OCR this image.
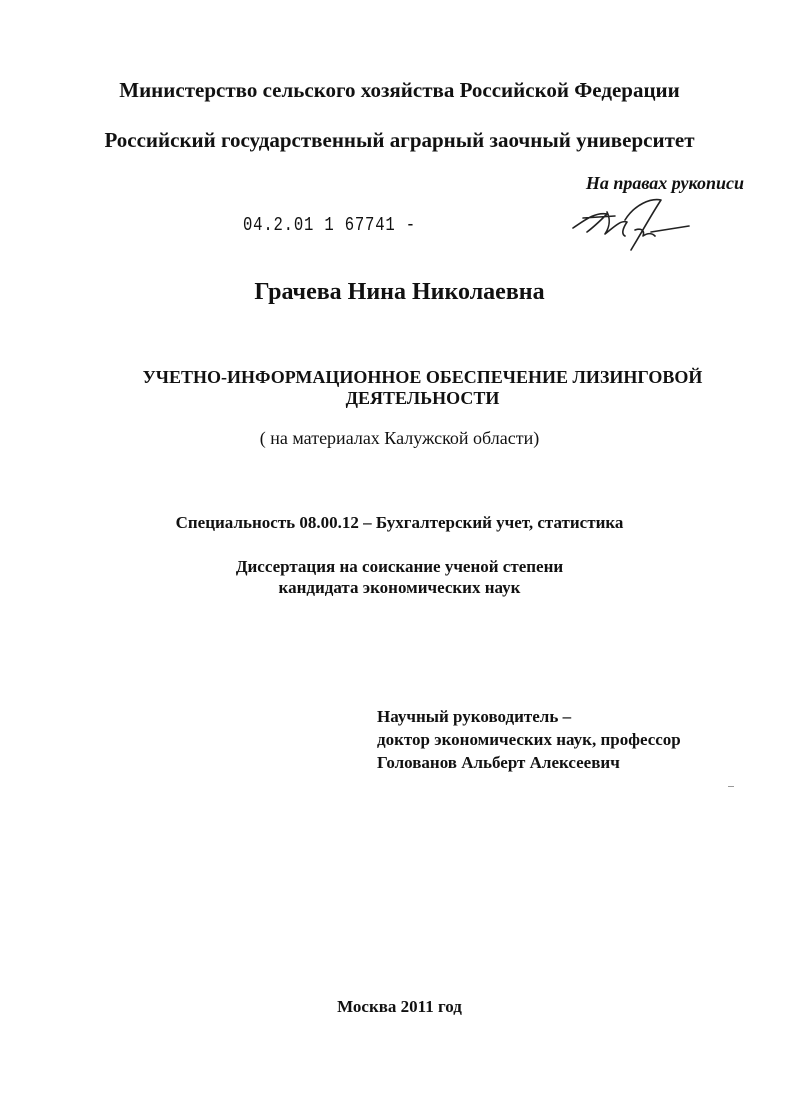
Министерство сельского хозяйства Российской Федерации

Российский государственный аграрный заочный университет

На правах рукописи

04.2.01 1 67741 -

Грачева Нина Николаевна

УЧЕТНО-ИНФОРМАЦИОННОЕ ОБЕСПЕЧЕНИЕ ЛИЗИНГОВОЙ
ДЕЯТЕЛЬНОСТИ

( на материалах Калужской области)

Специальность 08.00.12 – Бухгалтерский учет, статистика

Диссертация на соискание ученой степени
кандидата экономических наук

Научный руководитель –
доктор экономических наук, профессор
Голованов Альберт Алексеевич

Москва 2011 год
